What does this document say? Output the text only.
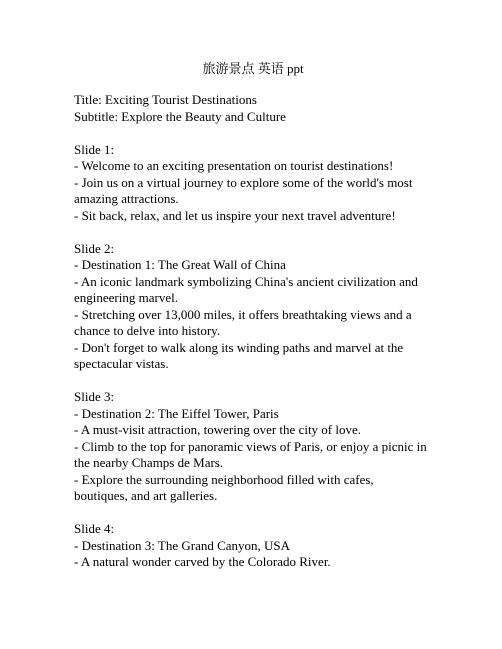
旅游景点 英语 ppt

Title: Exciting Tourist Destinations

Subtitle: Explore the Beauty and Culture

Slide 1:

- Welcome to an exciting presentation on tourist destinations!

- Join us on a virtual journey to explore some of the world's most amazing attractions.

- Sit back, relax, and let us inspire your next travel adventure!

Slide 2:

- Destination 1: The Great Wall of China

- An iconic landmark symbolizing China's ancient civilization and engineering marvel.

- Stretching over 13,000 miles, it offers breathtaking views and a chance to delve into history.

- Don't forget to walk along its winding paths and marvel at the spectacular vistas.

Slide 3:

- Destination 2: The Eiffel Tower, Paris

- A must-visit attraction, towering over the city of love.

- Climb to the top for panoramic views of Paris, or enjoy a picnic in the nearby Champs de Mars.

- Explore the surrounding neighborhood filled with cafes, boutiques, and art galleries.

Slide 4:

- Destination 3: The Grand Canyon, USA

- A natural wonder carved by the Colorado River.
